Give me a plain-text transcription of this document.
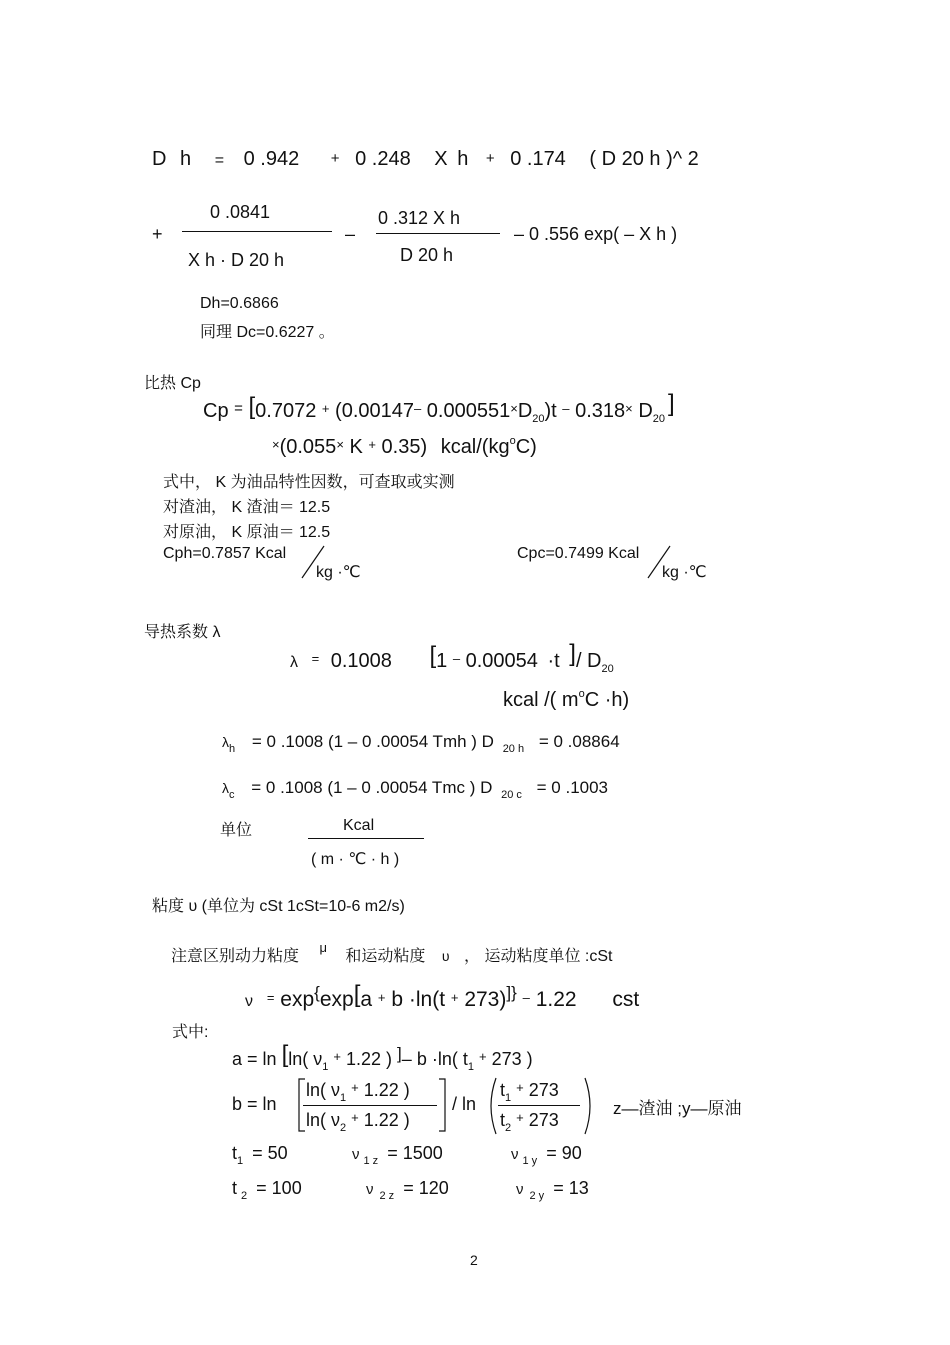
D h = 0 .942 + 0 .248 X h + 0 .174 ( D 20 h )^ 2
+
0 .0841
X h · D 20 h
–
0 .312 X h
D 20 h
– 0 .556 exp( – X h )
Dh=0.6866
同理 Dc=0.6227 。
比热 Cp
Cp = [0.7072 + (0.00147– $0.000551^\times D_{20})t$ – 0.318× $D_{20}$]
×(0.055× K + 0.35) kcal/$(kg^oC)$
式中， K 为油品特性因数，可查取或实测
对渣油， K 渣油＝ 12.5
对原油， K 原油＝ 12.5
Cph=0.7857 Kcal
kg ·℃
Cpc=0.7499 Kcal
kg ·℃
导热系数 λ
λ = 0.1008 [1 – 0.00054 ·t ]/ $D_{20}$
kcal /( $m^oC \cdot h$)
$\lambda_h = 0$ .1008 (1 – 0 .00054 Tmh ) D $_{20 h}$ = 0 .08864
$\lambda_c = 0$ .1008 (1 – 0 .00054 Tmc ) D $_{20 c}$ = 0 .1003
单位	Kcal
( m · ℃ · h )
粘度 υ (单位为 cSt 1cSt=10-6 m2/s)
注意区别动力粘度 $^\mu$ 和运动粘度 υ ， 运动粘度单位 :cSt
ν = exp{exp[a + b ·ln(t + 273)]} – 1.22 cst
式中:
a = ln [ln( $\nu_1$ + 1.22 ) ]– b ·ln( $t_1$ + 273 )
b = ln
ln( $\nu_1$ + 1.22 )
ln( $\nu_2$ + 1.22 )
/ ln
$t_1$ + 273
$t_2$ + 273
z—渣油 ;y—原油
$t_1 = 50$	ν $_{1 z}$ = 1500	ν $_{1 y}$ = 90
t $_2$ = 100	ν $_{2 z}$ = 120	ν $_{2 y}$ = 13
2
